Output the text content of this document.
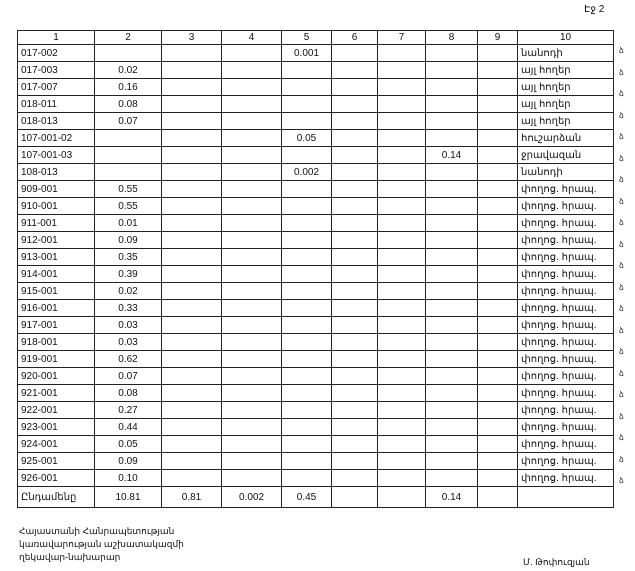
Էջ 2
1	2	3	4	5	6	7	8	9	10
017-002				0.001					նանոդի
017-003	0.02								այլ հողեր
017-007	0.16								այլ հողեր
018-011	0.08								այլ հողեր
018-013	0.07								այլ հողեր
107-001-02				0.05					հուշարձան
107-001-03							0.14		ջրավազան
108-013				0.002					նանոդի
909-001	0.55								փողոց. հրապ.
910-001	0.55								փողոց. հրապ.
911-001	0.01								փողոց. հրապ.
912-001	0.09								փողոց. հրապ.
913-001	0.35								փողոց. հրապ.
914-001	0.39								փողոց. հրապ.
915-001	0.02								փողոց. հրապ.
916-001	0.33								փողոց. հրապ.
917-001	0.03								փողոց. հրապ.
918-001	0.03								փողոց. հրապ.
919-001	0.62								փողոց. հրապ.
920-001	0.07								փողոց. հրապ.
921-001	0.08								փողոց. հրապ.
922-001	0.27								փողոց. հրապ.
923-001	0.44								փողոց. հրապ.
924-001	0.05								փողոց. հրապ.
925-001	0.09								փողոց. հրապ.
926-001	0.10								փողոց. հրապ.
Ընդամենը	10.81	0.81	0.002	0.45			0.14		
ձ
ձ
ձ
ձ
ձ
ձ
ձ
ձ
ձ
ձ
ձ
ձ
ձ
ձ
ձ
ձ
ձ
ձ
ձ
ձ
ձ
Հայաստանի Հանրապետության
կառավարության աշխատակազմի
ղեկավար-նախարար	Մ. Թոփուզյան
